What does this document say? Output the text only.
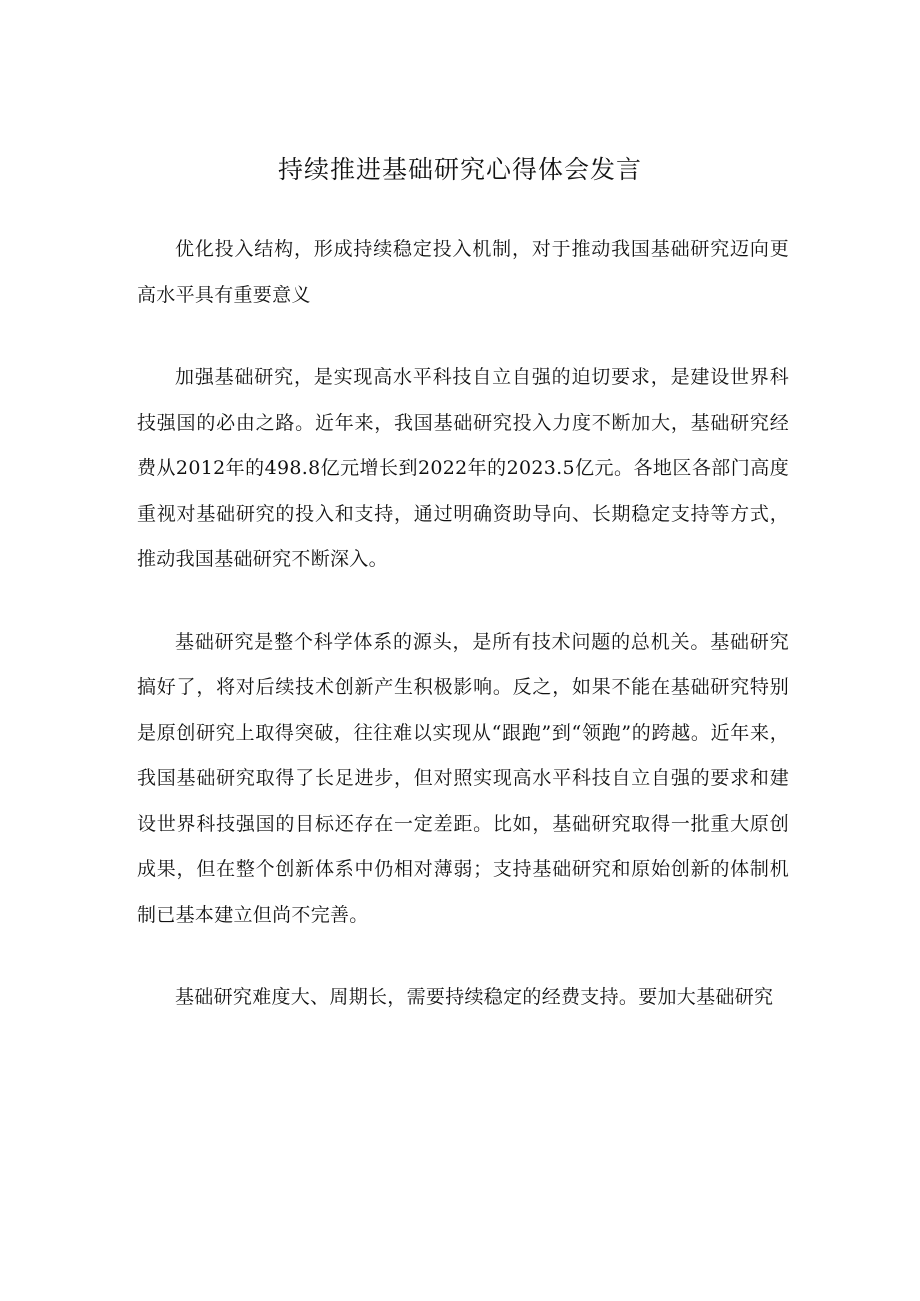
持续推进基础研究心得体会发言

优化投入结构，形成持续稳定投入机制，对于推动我国基础研究迈向更高水平具有重要意义

加强基础研究，是实现高水平科技自立自强的迫切要求，是建设世界科技强国的必由之路。近年来，我国基础研究投入力度不断加大，基础研究经费从2012年的498.8亿元增长到2022年的2023.5亿元。各地区各部门高度重视对基础研究的投入和支持，通过明确资助导向、长期稳定支持等方式，推动我国基础研究不断深入。

基础研究是整个科学体系的源头，是所有技术问题的总机关。基础研究搞好了，将对后续技术创新产生积极影响。反之，如果不能在基础研究特别是原创研究上取得突破，往往难以实现从“跟跑”到“领跑”的跨越。近年来，我国基础研究取得了长足进步，但对照实现高水平科技自立自强的要求和建设世界科技强国的目标还存在一定差距。比如，基础研究取得一批重大原创成果，但在整个创新体系中仍相对薄弱；支持基础研究和原始创新的体制机制已基本建立但尚不完善。

基础研究难度大、周期长，需要持续稳定的经费支持。要加大基础研究
